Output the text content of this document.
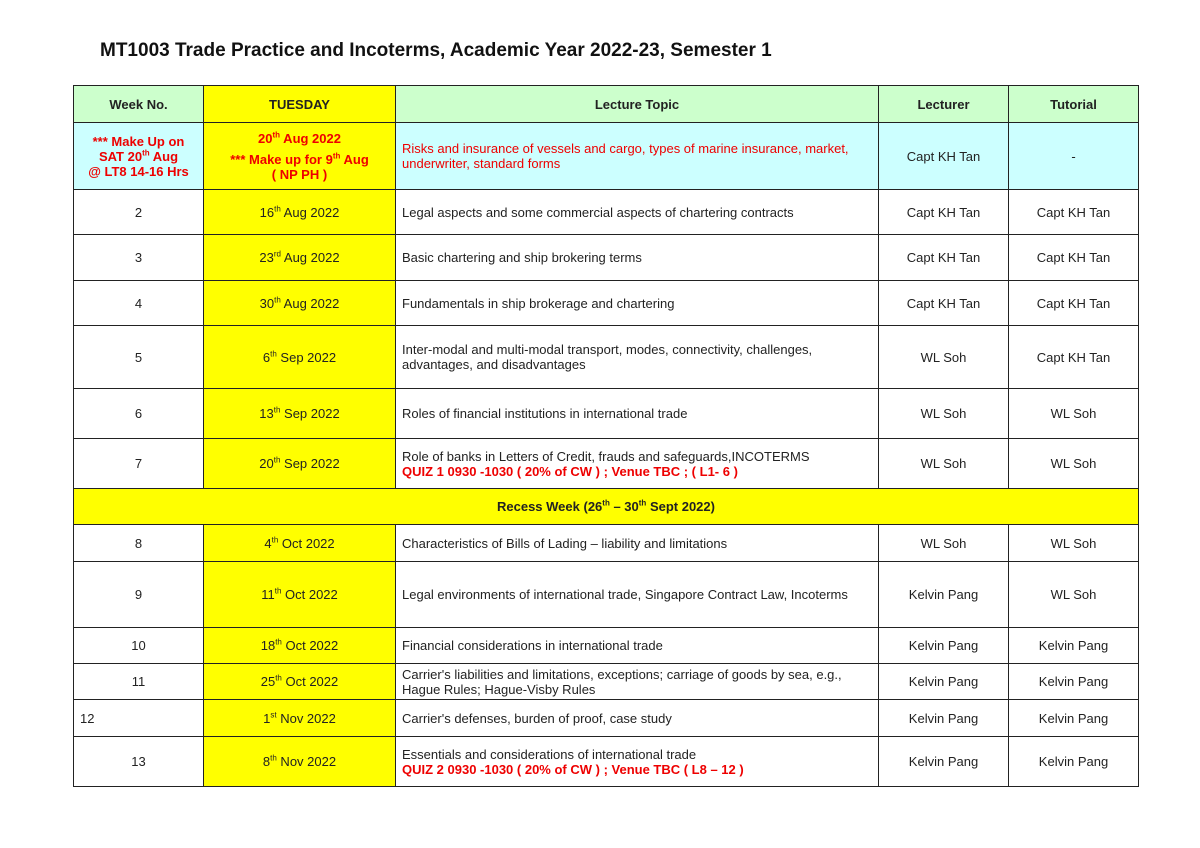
MT1003 Trade Practice and Incoterms, Academic Year 2022-23, Semester 1
Week No.	TUESDAY	Lecture Topic	Lecturer	Tutorial

*** Make Up on
SAT 20th Aug
@ LT8 14-16 Hrs	20th Aug 2022
*** Make up for 9th Aug
( NP PH )	Risks and insurance of vessels and cargo, types of marine insurance, market, underwriter, standard forms	Capt KH Tan	-
2	16th Aug 2022	Legal aspects and some commercial aspects of chartering contracts	Capt KH Tan	Capt KH Tan
3	23rd Aug 2022	Basic chartering and ship brokering terms	Capt KH Tan	Capt KH Tan
4	30th Aug 2022	Fundamentals in ship brokerage and chartering	Capt KH Tan	Capt KH Tan
5	6th Sep 2022	Inter-modal and multi-modal transport, modes, connectivity, challenges, advantages, and disadvantages	WL Soh	Capt KH Tan
6	13th Sep 2022	Roles of financial institutions in international trade	WL Soh	WL Soh
7	20th Sep 2022	Role of banks in Letters of Credit, frauds and safeguards,INCOTERMS
QUIZ 1 0930 -1030 ( 20% of CW ) ; Venue TBC ; ( L1- 6 )	WL Soh	WL Soh
Recess Week (26th – 30th Sept 2022)				
8	4th Oct 2022	Characteristics of Bills of Lading – liability and limitations	WL Soh	WL Soh
9	11th Oct 2022	Legal environments of international trade, Singapore Contract Law, Incoterms	Kelvin Pang	WL Soh
10	18th Oct 2022	Financial considerations in international trade	Kelvin Pang	Kelvin Pang
11	25th Oct 2022	Carrier's liabilities and limitations, exceptions; carriage of goods by sea, e.g., Hague Rules; Hague-Visby Rules	Kelvin Pang	Kelvin Pang
12	1st Nov 2022	Carrier's defenses, burden of proof, case study	Kelvin Pang	Kelvin Pang
13	8th Nov 2022	Essentials and considerations of international trade
QUIZ 2 0930 -1030 ( 20% of CW ) ; Venue TBC ( L8 – 12 )	Kelvin Pang	Kelvin Pang
